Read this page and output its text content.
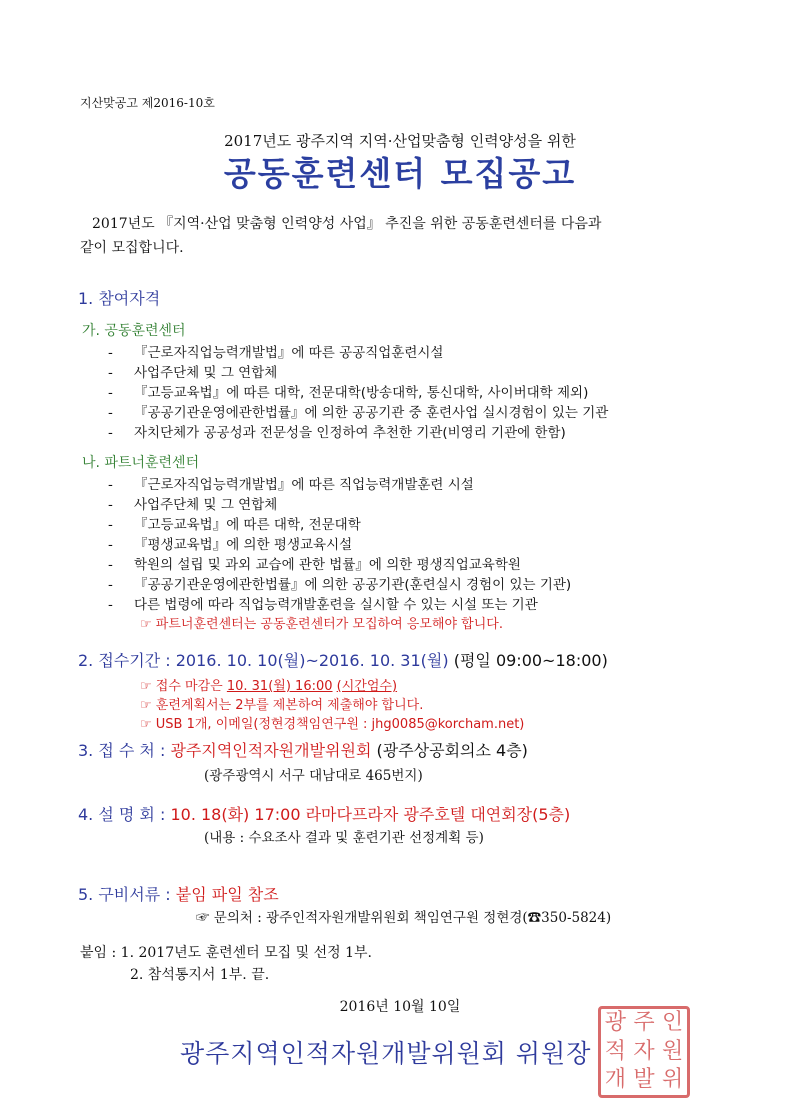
지산맞공고 제2016-10호
2017년도 광주지역 지역·산업맞춤형 인력양성을 위한
공동훈련센터 모집공고
2017년도 『지역·산업 맞춤형 인력양성 사업』 추진을 위한 공동훈련센터를 다음과
같이 모집합니다.
1. 참여자격
가. 공동훈련센터
- 『근로자직업능력개발법』에 따른 공공직업훈련시설
- 사업주단체 및 그 연합체
- 『고등교육법』에 따른 대학, 전문대학(방송대학, 통신대학, 사이버대학 제외)
- 『공공기관운영에관한법률』에 의한 공공기관 중 훈련사업 실시경험이 있는 기관
- 자치단체가 공공성과 전문성을 인정하여 추천한 기관(비영리 기관에 한함)
나. 파트너훈련센터
- 『근로자직업능력개발법』에 따른 직업능력개발훈련 시설
- 사업주단체 및 그 연합체
- 『고등교육법』에 따른 대학, 전문대학
- 『평생교육법』에 의한 평생교육시설
- 학원의 설립 및 과외 교습에 관한 법률』에 의한 평생직업교육학원
- 『공공기관운영에관한법률』에 의한 공공기관(훈련실시 경험이 있는 기관)
- 다른 법령에 따라 직업능력개발훈련을 실시할 수 있는 시설 또는 기관
☞ 파트너훈련센터는 공동훈련센터가 모집하여 응모해야 합니다.
2. 접수기간 : 2016. 10. 10(월)~2016. 10. 31(월) (평일 09:00~18:00)
☞ 접수 마감은 10. 31(월) 16:00 (시간엄수)
☞ 훈련계획서는 2부를 제본하여 제출해야 합니다.
☞ USB 1개, 이메일(정현경책임연구원 : jhg0085@korcham.net)
3. 접 수 처 : 광주지역인적자원개발위원회 (광주상공회의소 4층)
(광주광역시 서구 대남대로 465번지)
4. 설 명 회 : 10. 18(화) 17:00 라마다프라자 광주호텔 대연회장(5층)
(내용 : 수요조사 결과 및 훈련기관 선정계획 등)
5. 구비서류 : 붙임 파일 참조
☞ 문의처 : 광주인적자원개발위원회 책임연구원 정현경(☎350-5824)
붙임 : 1. 2017년도 훈련센터 모집 및 선정 1부.
2. 참석통지서 1부. 끝.
2016년 10월 10일
광주지역인적자원개발위원회 위원장
광 주 인
적 자 원
개 발 위
